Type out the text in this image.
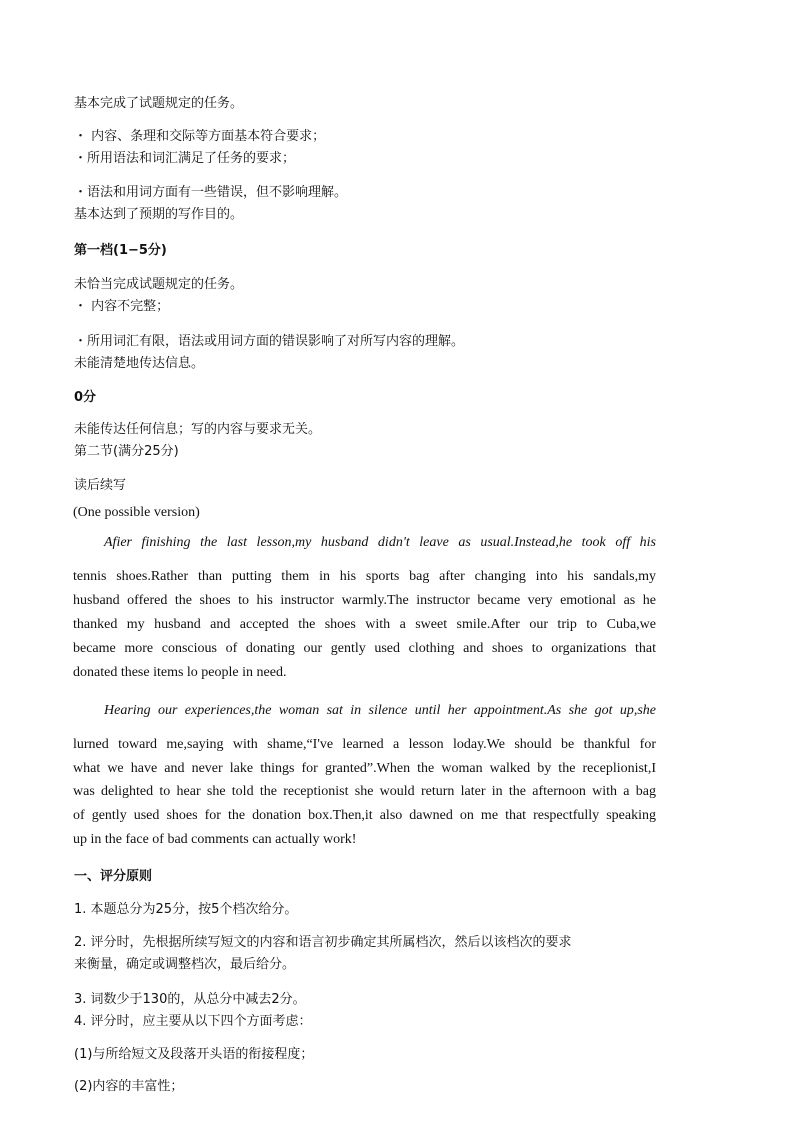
基本完成了试题规定的任务。
・ 内容、条理和交际等方面基本符合要求；
・所用语法和词汇满足了任务的要求；
・语法和用词方面有一些错误，但不影响理解。
基本达到了预期的写作目的。
第一档(1−5分)
未恰当完成试题规定的任务。
・ 内容不完整；
・所用词汇有限，语法或用词方面的错误影响了对所写内容的理解。
未能清楚地传达信息。
0分
未能传达任何信息；写的内容与要求无关。
第二节(满分25分)
读后续写
(One possible version)
Afier finishing the last lesson,my husband didn't leave as usual.Instead,he took off his
tennis shoes.Rather than putting them in his sports bag after changing into his sandals,my
husband offered the shoes to his instructor warmly.The instructor became very emotional as he
thanked my husband and accepted the shoes with a sweet smile.After our trip to Cuba,we
became more conscious of donating our gently used clothing and shoes to organizations that
donated these items lo people in need.
Hearing our experiences,the woman sat in silence until her appointment.As she got up,she
lurned toward me,saying with shame,“I've learned a lesson loday.We should be thankful for
what we have and never lake things for granted”.When the woman walked by the receplionist,I
was delighted to hear she told the receptionist she would return later in the afternoon with a bag
of gently used shoes for the donation box.Then,it also dawned on me that respectfully speaking
up in the face of bad comments can actually work!
一、评分原则
1. 本题总分为25分，按5个档次给分。
2. 评分时，先根据所续写短文的内容和语言初步确定其所属档次，然后以该档次的要求
来衡量，确定或调整档次，最后给分。
3. 词数少于130的，从总分中减去2分。
4. 评分时，应主要从以下四个方面考虑：
(1)与所给短文及段落开头语的衔接程度；
(2)内容的丰富性；
